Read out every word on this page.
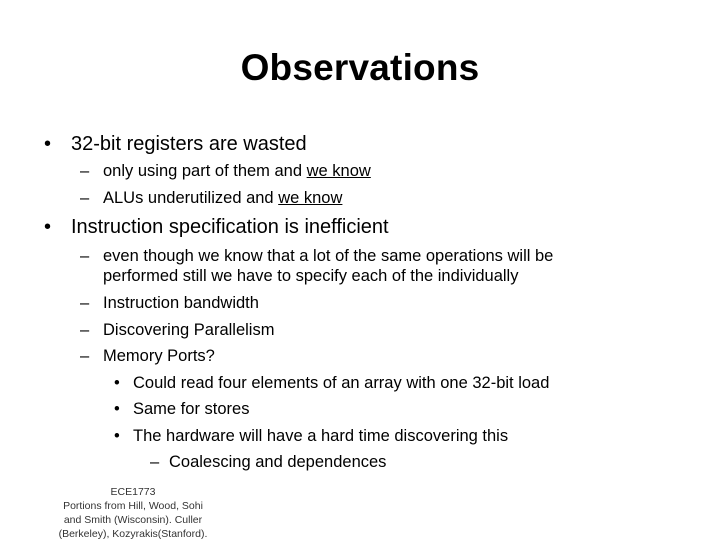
Observations
• 32-bit registers are wasted
– only using part of them and we know
– ALUs underutilized and we know
• Instruction specification is inefficient
– even though we know that a lot of the same operations will be
performed still we have to specify each of the individually
– Instruction bandwidth
– Discovering Parallelism
– Memory Ports?
• Could read four elements of an array with one 32-bit load
• Same for stores
• The hardware will have a hard time discovering this
– Coalescing and dependences
ECE1773
Portions from Hill, Wood, Sohi
and Smith (Wisconsin). Culler
(Berkeley), Kozyrakis(Stanford).
